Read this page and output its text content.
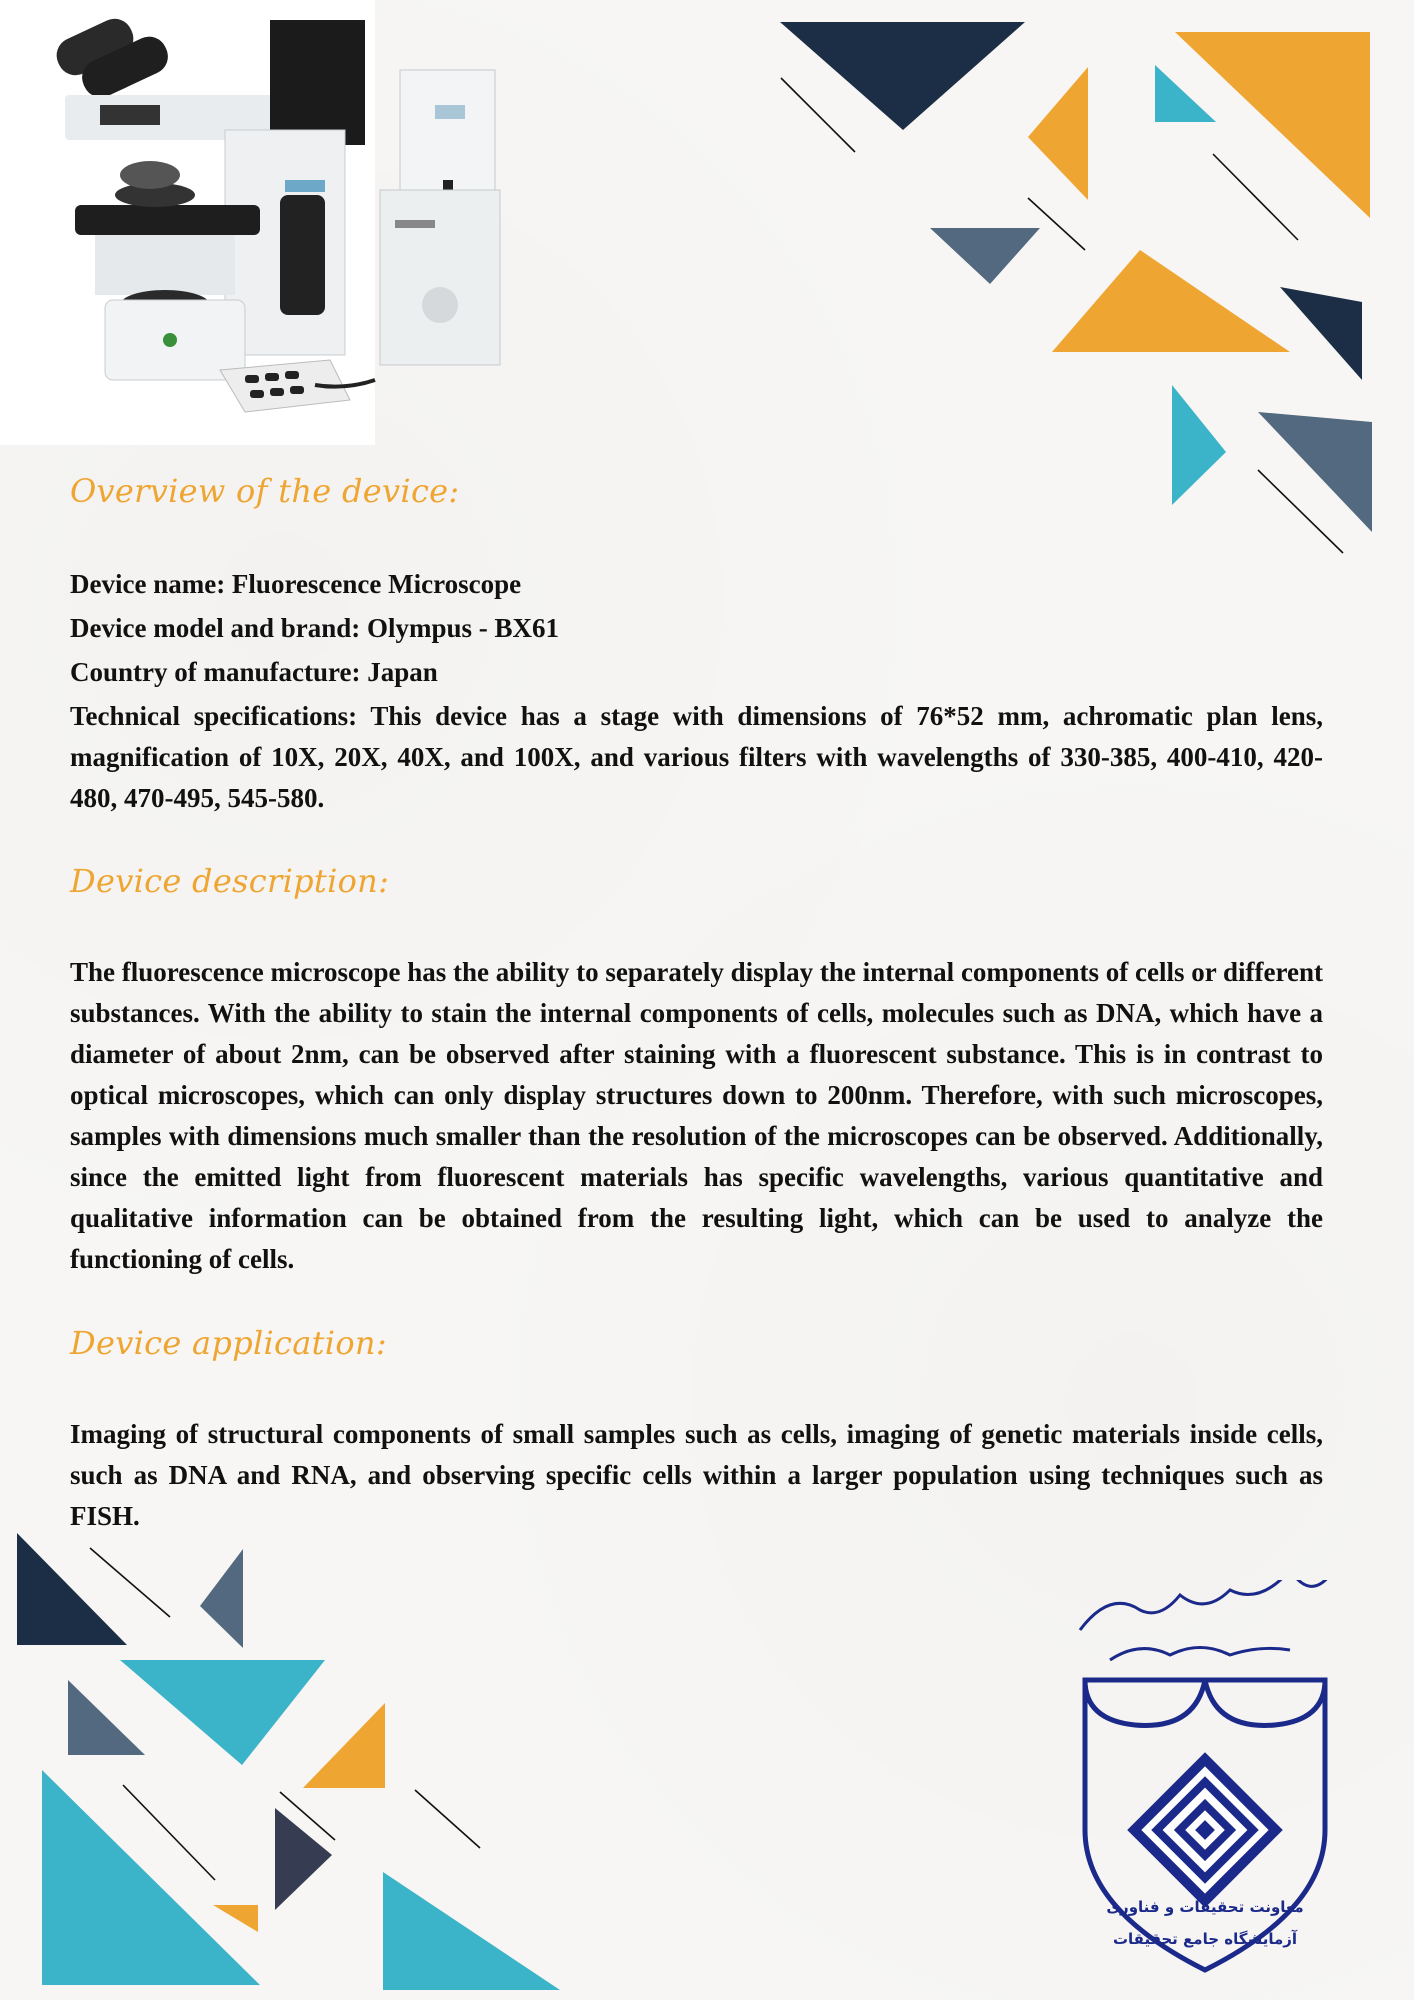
Overview of the device:
Device name: Fluorescence Microscope
Device model and brand: Olympus - BX61
Country of manufacture: Japan
Technical specifications: This device has a stage with dimensions of 76*52 mm, achromatic plan lens, magnification of 10X, 20X, 40X, and 100X, and various filters with wavelengths of 330-385, 400-410, 420-480, 470-495, 545-580.
Device description:
The fluorescence microscope has the ability to separately display the internal components of cells or different substances. With the ability to stain the internal components of cells, molecules such as DNA, which have a diameter of about 2nm, can be observed after staining with a fluorescent substance. This is in contrast to optical microscopes, which can only display structures down to 200nm. Therefore, with such microscopes, samples with dimensions much smaller than the resolution of the microscopes can be observed. Additionally, since the emitted light from fluorescent materials has specific wavelengths, various quantitative and qualitative information can be obtained from the resulting light, which can be used to analyze the functioning of cells.
Device application:
Imaging of structural components of small samples such as cells, imaging of genetic materials inside cells, such as DNA and RNA, and observing specific cells within a larger population using techniques such as FISH.
معاونت تحقیقات و فناوری
آزمایشگاه جامع تحقیقات
